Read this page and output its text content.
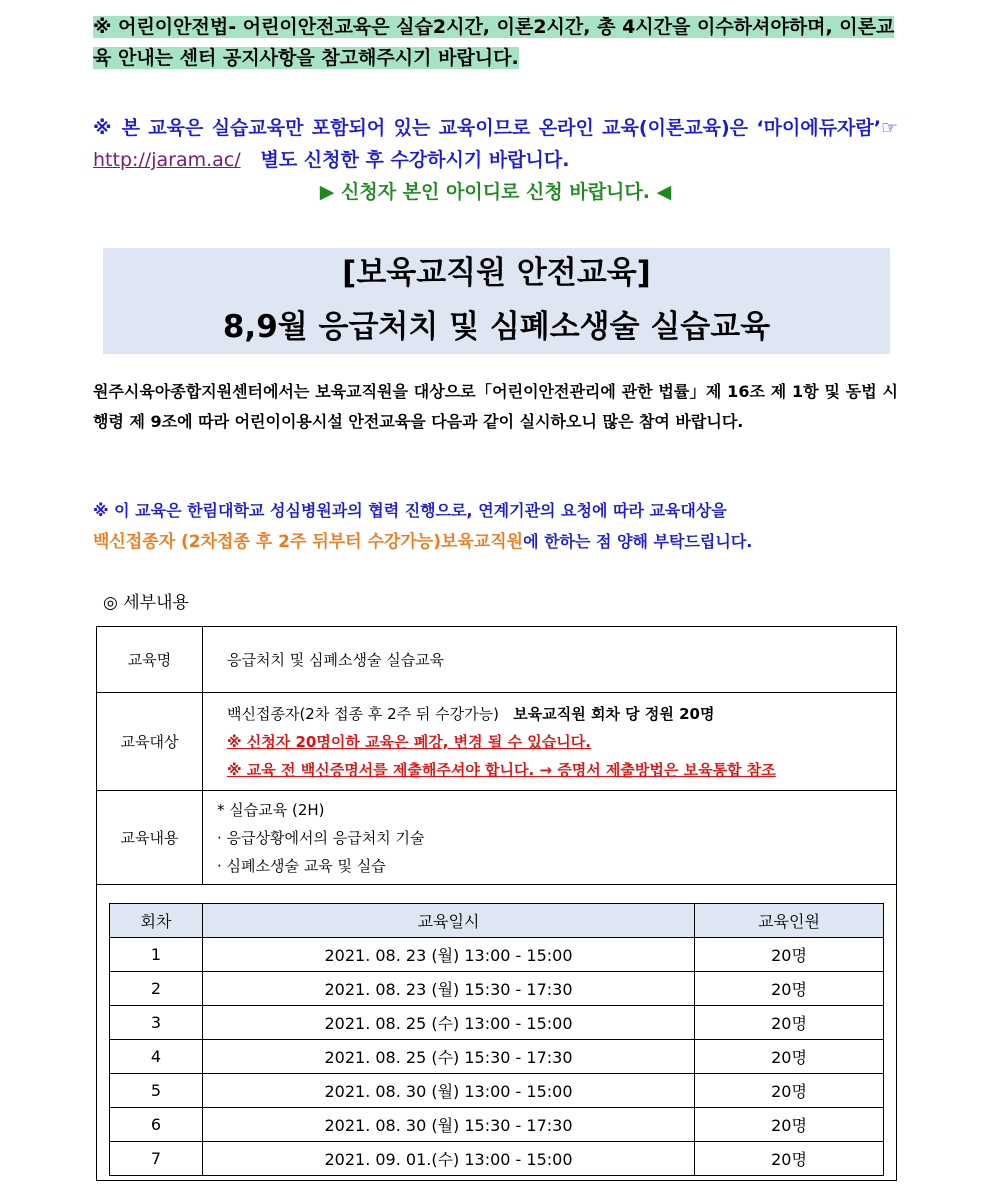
※ 어린이안전법- 어린이안전교육은 실습2시간, 이론2시간, 총 4시간을 이수하셔야하며, 이론교육 안내는 센터 공지사항을 참고해주시기 바랍니다.
※ 본 교육은 실습교육만 포함되어 있는 교육이므로 온라인 교육(이론교육)은 ‘마이에듀자람’☞ http://jaram.ac/ 별도 신청한 후 수강하시기 바랍니다.
▶ 신청자 본인 아이디로 신청 바랍니다. ◀
[보육교직원 안전교육]
8,9월 응급처치 및 심폐소생술 실습교육
원주시육아종합지원센터에서는 보육교직원을 대상으로「어린이안전관리에 관한 법률」제 16조 제 1항 및 동법 시행령 제 9조에 따라 어린이이용시설 안전교육을 다음과 같이 실시하오니 많은 참여 바랍니다.
※ 이 교육은 한림대학교 성심병원과의 협력 진행으로, 연계기관의 요청에 따라 교육대상을
백신접종자 (2차접종 후 2주 뒤부터 수강가능)보육교직원에 한하는 점 양해 부탁드립니다.
◎ 세부내용
교육명	응급처치 및 심폐소생술 실습교육
교육대상	
백신접종자(2차 접종 후 2주 뒤 수강가능) 보육교직원 회차 당 정원 20명
※ 신청자 20명이하 교육은 폐강, 변경 될 수 있습니다.
※ 교육 전 백신증명서를 제출해주셔야 합니다. → 증명서 제출방법은 보육통합 참조

교육내용	
* 실습교육 (2H)
· 응급상황에서의 응급처치 기술
· 심폐소생술 교육 및 실습

회차	교육일시	교육인원
1	2021. 08. 23 (월) 13:00 - 15:00	20명
2	2021. 08. 23 (월) 15:30 - 17:30	20명
3	2021. 08. 25 (수) 13:00 - 15:00	20명
4	2021. 08. 25 (수) 15:30 - 17:30	20명
5	2021. 08. 30 (월) 13:00 - 15:00	20명
6	2021. 08. 30 (월) 15:30 - 17:30	20명
7	2021. 09. 01.(수) 13:00 - 15:00	20명
